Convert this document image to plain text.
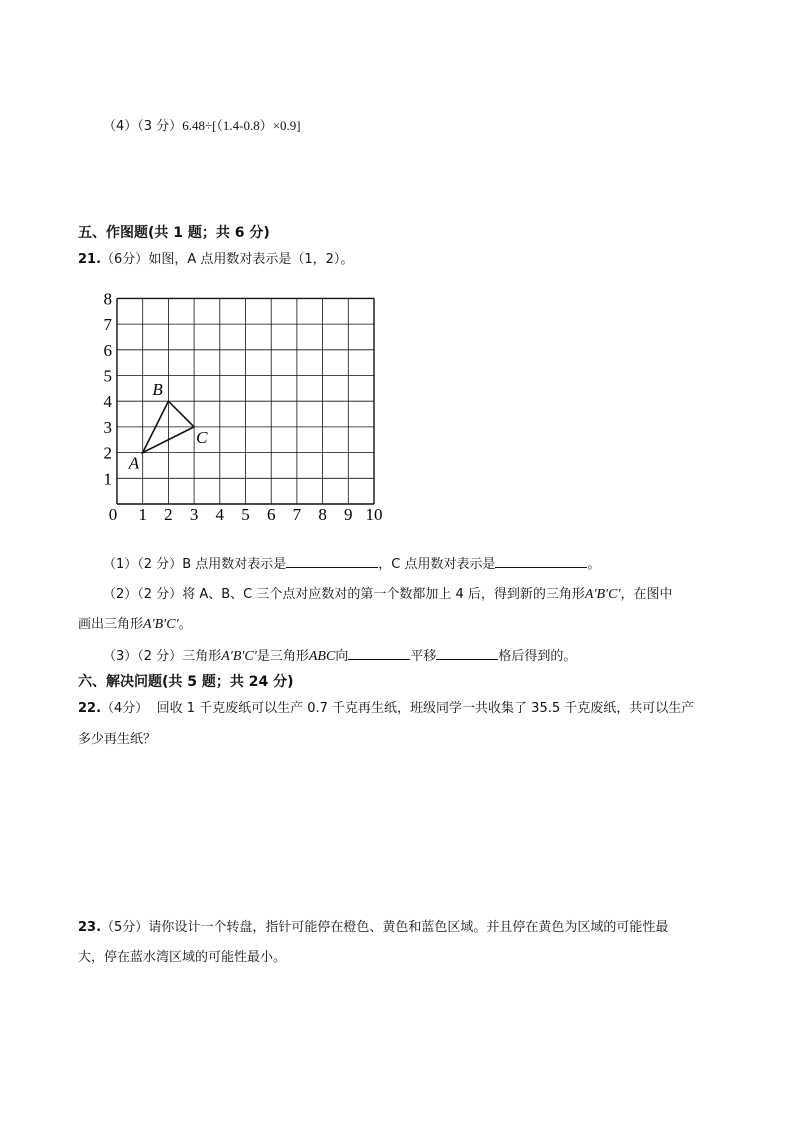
（4）（3 分）6.48÷[（1.4-0.8）×0.9]
五、作图题(共 1 题；共 6 分)
21.（6分）如图，A 点用数对表示是（1，2）。
0 1 2 3 4 5 6 7 8 9 10
1
2
3
4
5
6
7
8
A
B
C
（1）（2 分）B 点用数对表示是	，C 点用数对表示是	。
（2）（2 分）将 A、B、C 三个点对应数对的第一个数都加上 4 后，得到新的三角形A′B′C′，在图中
画出三角形A′B′C′。
（3）（2 分）三角形A′B′C′是三角形ABC向	平移	格后得到的。
六、解决问题(共 5 题；共 24 分)
22.（4分） 回收 1 千克废纸可以生产 0.7 千克再生纸，班级同学一共收集了 35.5 千克废纸，共可以生产
多少再生纸？
23.（5分）请你设计一个转盘，指针可能停在橙色、黄色和蓝色区域。并且停在黄色为区域的可能性最
大，停在蓝水湾区域的可能性最小。
